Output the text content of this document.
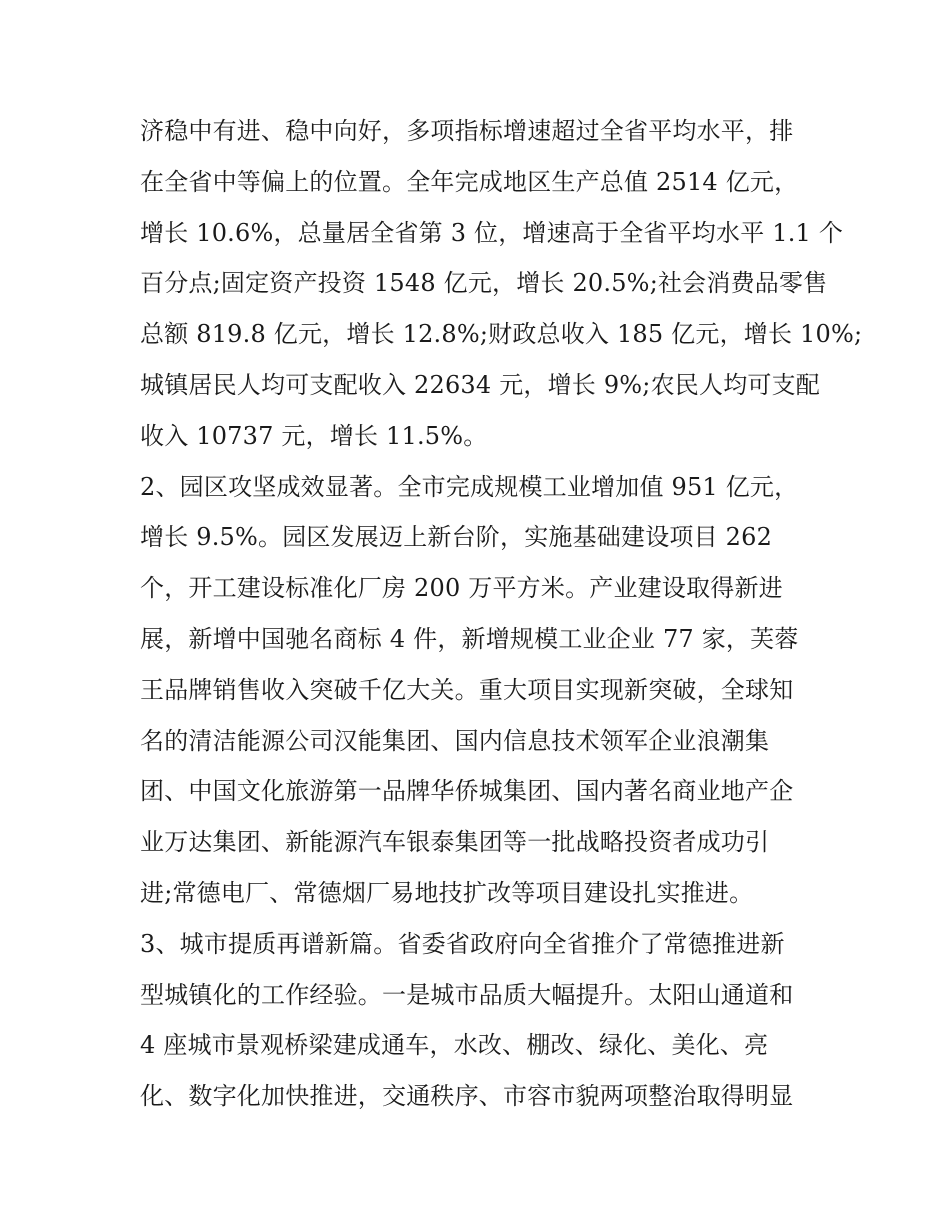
济稳中有进、稳中向好，多项指标增速超过全省平均水平，排
在全省中等偏上的位置。全年完成地区生产总值 2514 亿元，
增长 10.6%，总量居全省第 3 位，增速高于全省平均水平 1.1 个
百分点;固定资产投资 1548 亿元，增长 20.5%;社会消费品零售
总额 819.8 亿元，增长 12.8%;财政总收入 185 亿元，增长 10%;
城镇居民人均可支配收入 22634 元，增长 9%;农民人均可支配
收入 10737 元，增长 11.5%。
2、园区攻坚成效显著。全市完成规模工业增加值 951 亿元，
增长 9.5%。园区发展迈上新台阶，实施基础建设项目 262
个，开工建设标准化厂房 200 万平方米。产业建设取得新进
展，新增中国驰名商标 4 件，新增规模工业企业 77 家，芙蓉
王品牌销售收入突破千亿大关。重大项目实现新突破，全球知
名的清洁能源公司汉能集团、国内信息技术领军企业浪潮集
团、中国文化旅游第一品牌华侨城集团、国内著名商业地产企
业万达集团、新能源汽车银泰集团等一批战略投资者成功引
进;常德电厂、常德烟厂易地技扩改等项目建设扎实推进。
3、城市提质再谱新篇。省委省政府向全省推介了常德推进新
型城镇化的工作经验。一是城市品质大幅提升。太阳山通道和
4 座城市景观桥梁建成通车，水改、棚改、绿化、美化、亮
化、数字化加快推进，交通秩序、市容市貌两项整治取得明显
